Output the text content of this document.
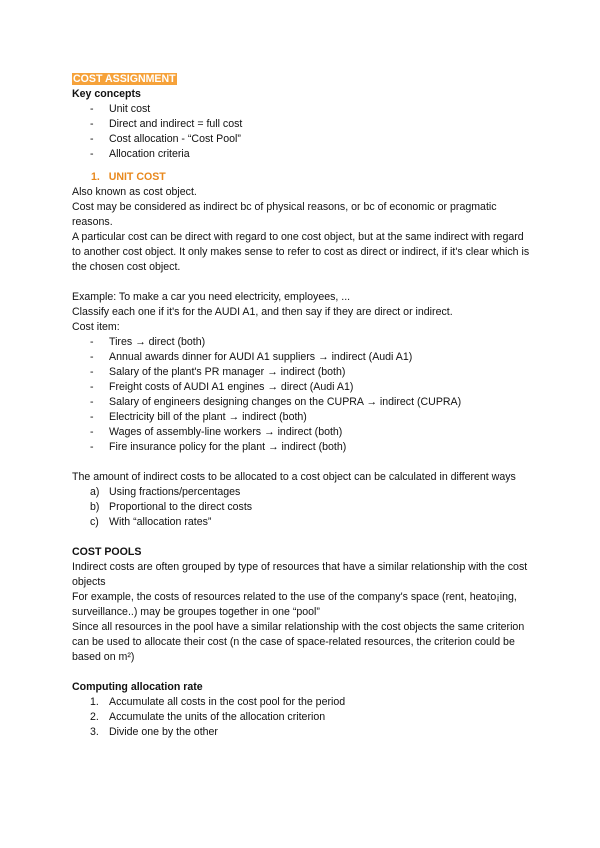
COST ASSIGNMENT

Key concepts

- Unit cost
- Direct and indirect = full cost
- Cost allocation - “Cost Pool”
- Allocation criteria

1. UNIT COST

Also known as cost object.

Cost may be considered as indirect bc of physical reasons, or bc of economic or pragmatic reasons.

A particular cost can be direct with regard to one cost object, but at the same indirect with regard to another cost object. It only makes sense to refer to cost as direct or indirect, if it's clear which is the chosen cost object.

Example: To make a car you need electricity, employees, ...

Classify each one if it's for the AUDI A1, and then say if they are direct or indirect.

Cost item:

- Tires → direct (both)
- Annual awards dinner for AUDI A1 suppliers → indirect (Audi A1)
- Salary of the plant's PR manager → indirect (both)
- Freight costs of AUDI A1 engines → direct (Audi A1)
- Salary of engineers designing changes on the CUPRA → indirect (CUPRA)
- Electricity bill of the plant → indirect (both)
- Wages of assembly-line workers → indirect (both)
- Fire insurance policy for the plant → indirect (both)

The amount of indirect costs to be allocated to a cost object can be calculated in different ways

a) Using fractions/percentages
b) Proportional to the direct costs
c) With “allocation rates”

COST POOLS

Indirect costs are often grouped by type of resources that have a similar relationship with the cost objects

For example, the costs of resources related to the use of the company's space (rent, heato¡ing, surveillance..) may be groupes together in one “pool”

Since all resources in the pool have a similar relationship with the cost objects the same criterion can be used to allocate their cost (n the case of space-related resources, the criterion could be based on m²)

Computing allocation rate

1. Accumulate all costs in the cost pool for the period
2. Accumulate the units of the allocation criterion
3. Divide one by the other
